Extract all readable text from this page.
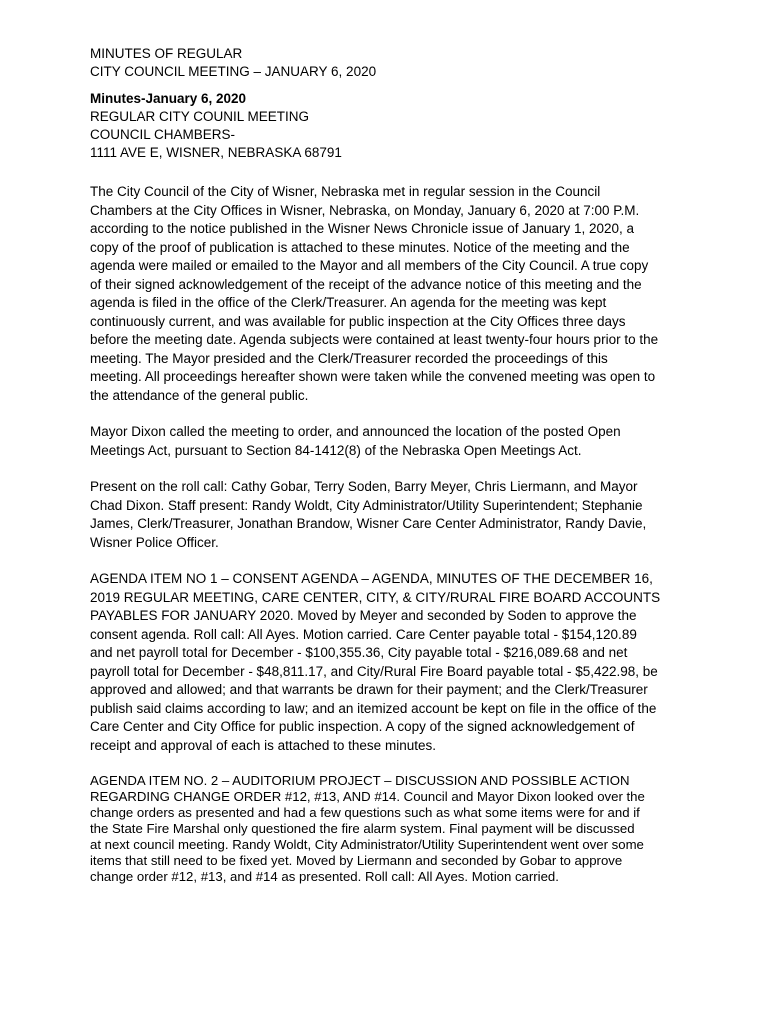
MINUTES OF REGULAR
CITY COUNCIL MEETING – JANUARY 6, 2020
Minutes-January 6, 2020
REGULAR CITY COUNIL MEETING
COUNCIL CHAMBERS-
1111 AVE E, WISNER, NEBRASKA 68791
The City Council of the City of Wisner, Nebraska met in regular session in the Council
Chambers at the City Offices in Wisner, Nebraska, on Monday, January 6, 2020 at 7:00 P.M.
according to the notice published in the Wisner News Chronicle issue of January 1, 2020, a
copy of the proof of publication is attached to these minutes. Notice of the meeting and the
agenda were mailed or emailed to the Mayor and all members of the City Council. A true copy
of their signed acknowledgement of the receipt of the advance notice of this meeting and the
agenda is filed in the office of the Clerk/Treasurer. An agenda for the meeting was kept
continuously current, and was available for public inspection at the City Offices three days
before the meeting date. Agenda subjects were contained at least twenty-four hours prior to the
meeting. The Mayor presided and the Clerk/Treasurer recorded the proceedings of this
meeting. All proceedings hereafter shown were taken while the convened meeting was open to
the attendance of the general public.
Mayor Dixon called the meeting to order, and announced the location of the posted Open
Meetings Act, pursuant to Section 84-1412(8) of the Nebraska Open Meetings Act.
Present on the roll call: Cathy Gobar, Terry Soden, Barry Meyer, Chris Liermann, and Mayor
Chad Dixon. Staff present: Randy Woldt, City Administrator/Utility Superintendent; Stephanie
James, Clerk/Treasurer, Jonathan Brandow, Wisner Care Center Administrator, Randy Davie,
Wisner Police Officer.
AGENDA ITEM NO 1 – CONSENT AGENDA – AGENDA, MINUTES OF THE DECEMBER 16,
2019 REGULAR MEETING, CARE CENTER, CITY, & CITY/RURAL FIRE BOARD ACCOUNTS
PAYABLES FOR JANUARY 2020. Moved by Meyer and seconded by Soden to approve the
consent agenda. Roll call: All Ayes. Motion carried. Care Center payable total - $154,120.89
and net payroll total for December - $100,355.36, City payable total - $216,089.68 and net
payroll total for December - $48,811.17, and City/Rural Fire Board payable total - $5,422.98, be
approved and allowed; and that warrants be drawn for their payment; and the Clerk/Treasurer
publish said claims according to law; and an itemized account be kept on file in the office of the
Care Center and City Office for public inspection. A copy of the signed acknowledgement of
receipt and approval of each is attached to these minutes.
AGENDA ITEM NO. 2 – AUDITORIUM PROJECT – DISCUSSION AND POSSIBLE ACTION
REGARDING CHANGE ORDER #12, #13, AND #14. Council and Mayor Dixon looked over the
change orders as presented and had a few questions such as what some items were for and if
the State Fire Marshal only questioned the fire alarm system. Final payment will be discussed
at next council meeting. Randy Woldt, City Administrator/Utility Superintendent went over some
items that still need to be fixed yet. Moved by Liermann and seconded by Gobar to approve
change order #12, #13, and #14 as presented. Roll call: All Ayes. Motion carried.
